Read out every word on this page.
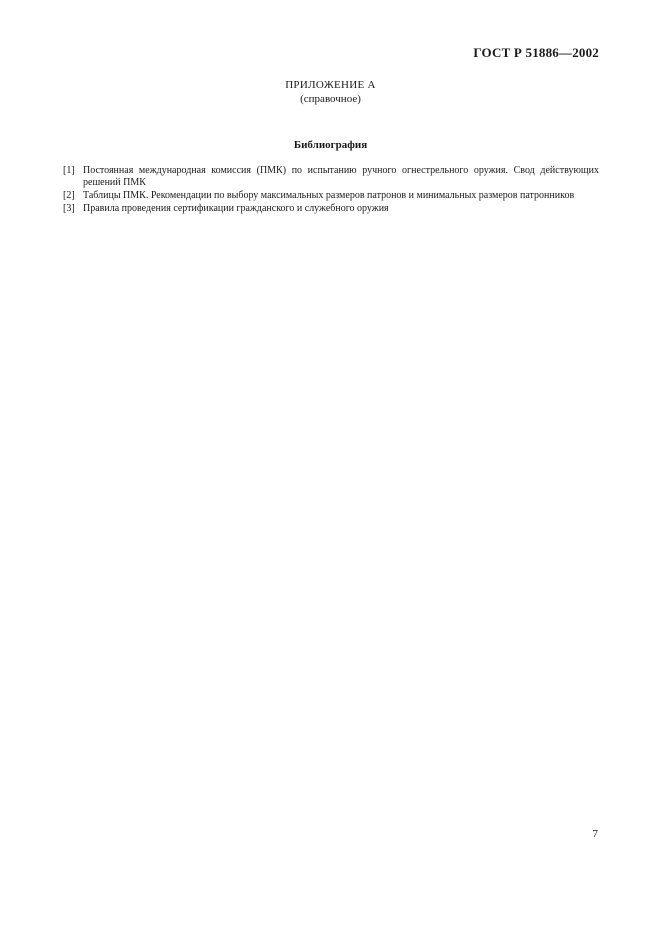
ГОСТ Р 51886—2002
ПРИЛОЖЕНИЕ А
(справочное)
Библиография
[1] Постоянная международная комиссия (ПМК) по испытанию ручного огнестрельного оружия. Свод действующих решений ПМК
[2] Таблицы ПМК. Рекомендации по выбору максимальных размеров патронов и минимальных размеров патронников
[3] Правила проведения сертификации гражданского и служебного оружия
7
